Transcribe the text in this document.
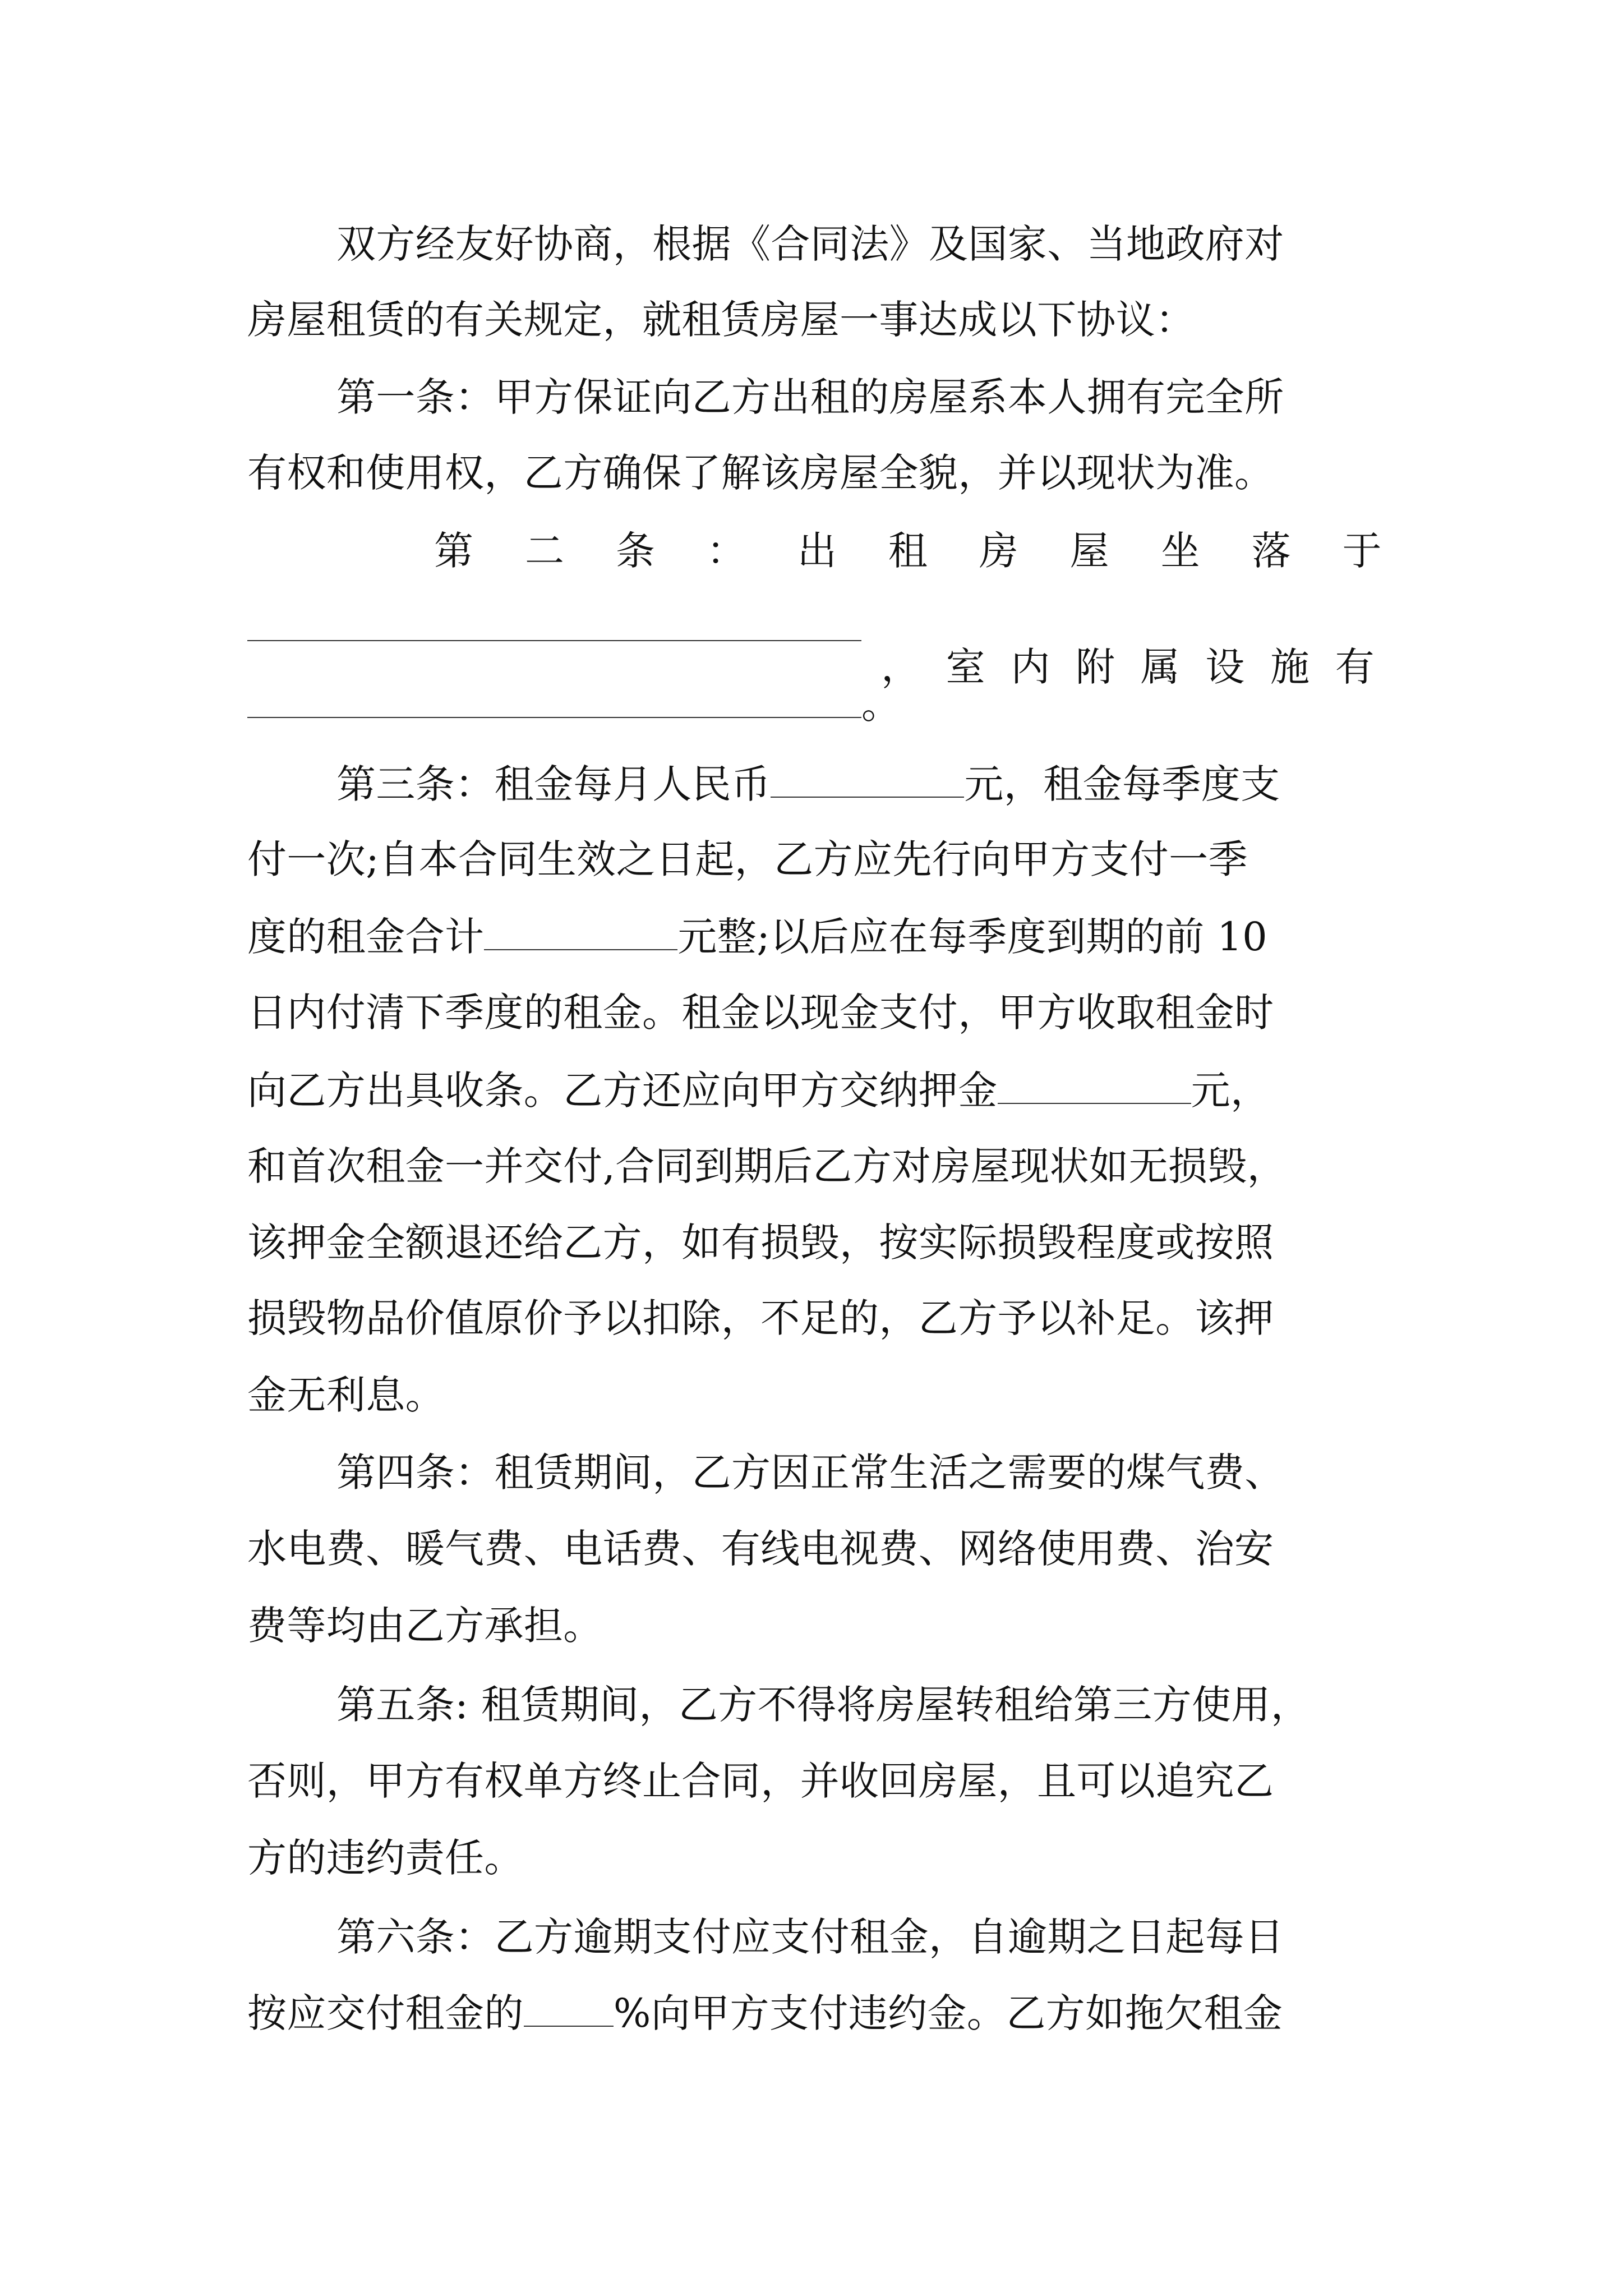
双方经友好协商，根据《合同法》及国家、当地政府对
房屋租赁的有关规定，就租赁房屋一事达成以下协议：
第一条：甲方保证向乙方出租的房屋系本人拥有完全所
有权和使用权，乙方确保了解该房屋全貌，并以现状为准。
第 二 条 ： 出 租 房 屋 坐 落 于
， 室 内 附 属 设 施 有
。
第三条：租金每月人民币	元，租金每季度支
付一次;自本合同生效之日起，乙方应先行向甲方支付一季
度的租金合计	元整;以后应在每季度到期的前 10
日内付清下季度的租金。租金以现金支付，甲方收取租金时
向乙方出具收条。乙方还应向甲方交纳押金	元，
和首次租金一并交付,合同到期后乙方对房屋现状如无损毁，
该押金全额退还给乙方，如有损毁，按实际损毁程度或按照
损毁物品价值原价予以扣除，不足的，乙方予以补足。该押
金无利息。
第四条：租赁期间，乙方因正常生活之需要的煤气费、
水电费、暖气费、电话费、有线电视费、网络使用费、治安
费等均由乙方承担。
第五条: 租赁期间，乙方不得将房屋转租给第三方使用，
否则，甲方有权单方终止合同，并收回房屋，且可以追究乙
方的违约责任。
第六条：乙方逾期支付应支付租金，自逾期之日起每日
按应交付租金的 %向甲方支付违约金。乙方如拖欠租金
